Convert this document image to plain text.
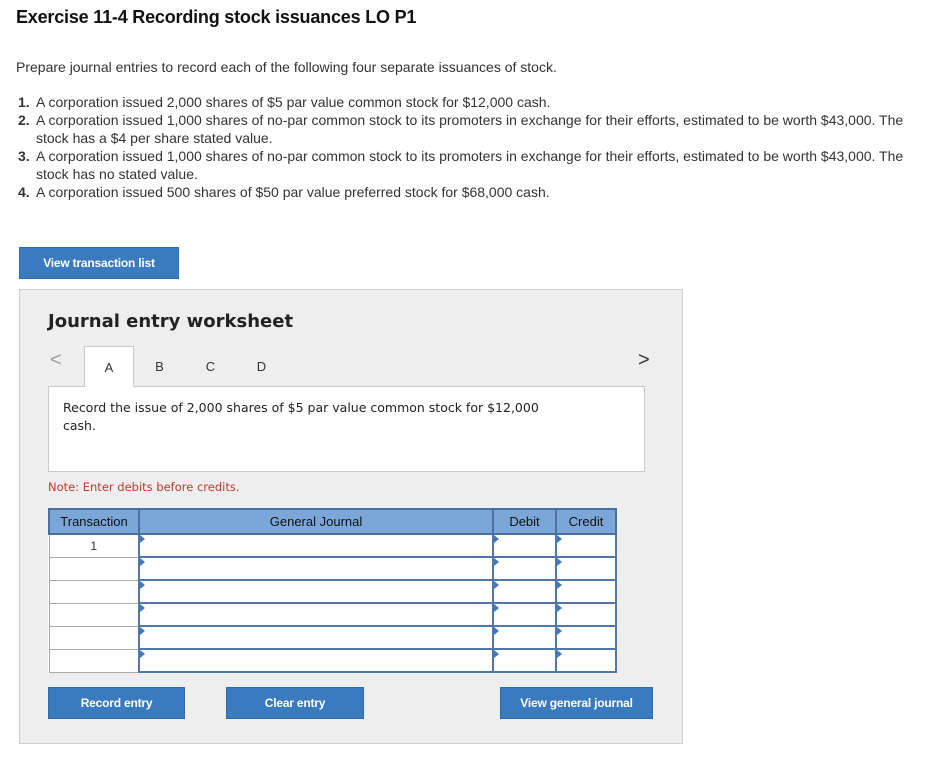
Exercise 11-4 Recording stock issuances LO P1
Prepare journal entries to record each of the following four separate issuances of stock.
1. A corporation issued 2,000 shares of $5 par value common stock for $12,000 cash.
2. A corporation issued 1,000 shares of no-par common stock to its promoters in exchange for their efforts, estimated to be worth $43,000. The stock has a $4 per share stated value.
3. A corporation issued 1,000 shares of no-par common stock to its promoters in exchange for their efforts, estimated to be worth $43,000. The stock has no stated value.
4. A corporation issued 500 shares of $50 par value preferred stock for $68,000 cash.
View transaction list
Journal entry worksheet
<	>
A	B	C	D
Record the issue of 2,000 shares of $5 par value common stock for $12,000 cash.
Note: Enter debits before credits.
Transaction	General Journal	Debit	Credit
1			

Record entry	Clear entry	View general journal
